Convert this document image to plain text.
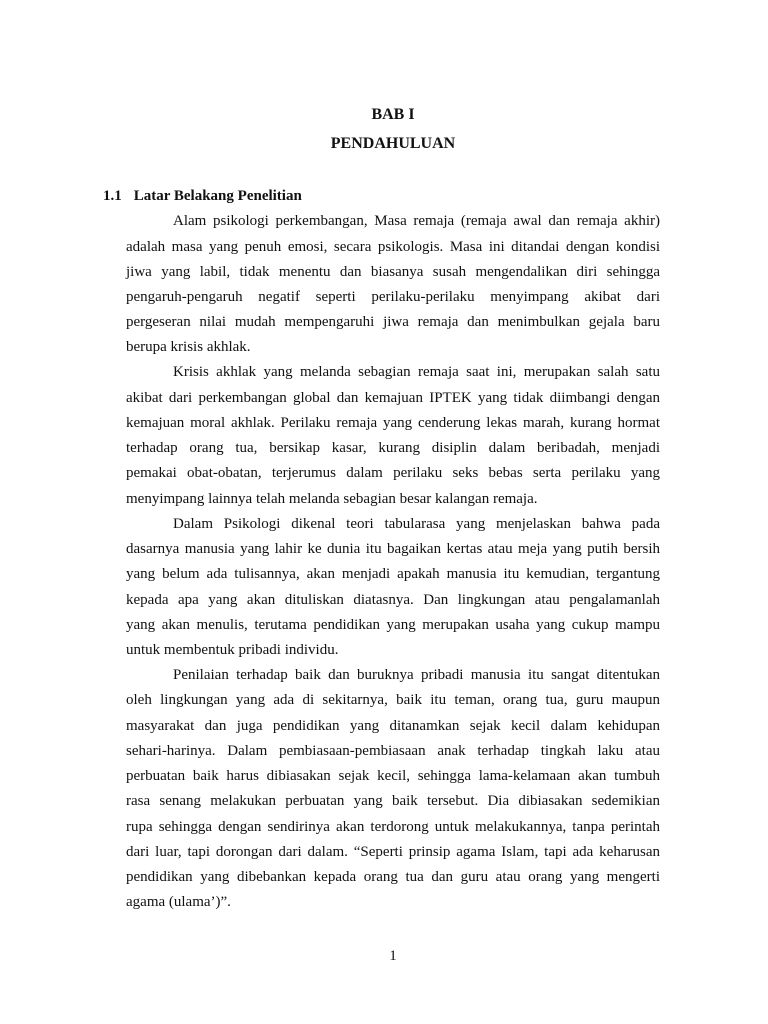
BAB I
PENDAHULUAN
1.1 Latar Belakang Penelitian
Alam psikologi perkembangan, Masa remaja (remaja awal dan remaja akhir)
adalah masa yang penuh emosi, secara psikologis. Masa ini ditandai dengan kondisi
jiwa yang labil, tidak menentu dan biasanya susah mengendalikan diri sehingga
pengaruh-pengaruh negatif seperti perilaku-perilaku menyimpang akibat dari
pergeseran nilai mudah mempengaruhi jiwa remaja dan menimbulkan gejala baru
berupa krisis akhlak.
Krisis akhlak yang melanda sebagian remaja saat ini, merupakan salah satu
akibat dari perkembangan global dan kemajuan IPTEK yang tidak diimbangi dengan
kemajuan moral akhlak. Perilaku remaja yang cenderung lekas marah, kurang hormat
terhadap orang tua, bersikap kasar, kurang disiplin dalam beribadah, menjadi
pemakai obat-obatan, terjerumus dalam perilaku seks bebas serta perilaku yang
menyimpang lainnya telah melanda sebagian besar kalangan remaja.
Dalam Psikologi dikenal teori tabularasa yang menjelaskan bahwa pada
dasarnya manusia yang lahir ke dunia itu bagaikan kertas atau meja yang putih bersih
yang belum ada tulisannya, akan menjadi apakah manusia itu kemudian, tergantung
kepada apa yang akan dituliskan diatasnya. Dan lingkungan atau pengalamanlah
yang akan menulis, terutama pendidikan yang merupakan usaha yang cukup mampu
untuk membentuk pribadi individu.
Penilaian terhadap baik dan buruknya pribadi manusia itu sangat ditentukan
oleh lingkungan yang ada di sekitarnya, baik itu teman, orang tua, guru maupun
masyarakat dan juga pendidikan yang ditanamkan sejak kecil dalam kehidupan
sehari-harinya. Dalam pembiasaan-pembiasaan anak terhadap tingkah laku atau
perbuatan baik harus dibiasakan sejak kecil, sehingga lama-kelamaan akan tumbuh
rasa senang melakukan perbuatan yang baik tersebut. Dia dibiasakan sedemikian
rupa sehingga dengan sendirinya akan terdorong untuk melakukannya, tanpa perintah
dari luar, tapi dorongan dari dalam. “Seperti prinsip agama Islam, tapi ada keharusan
pendidikan yang dibebankan kepada orang tua dan guru atau orang yang mengerti
agama (ulama’)”.
1
